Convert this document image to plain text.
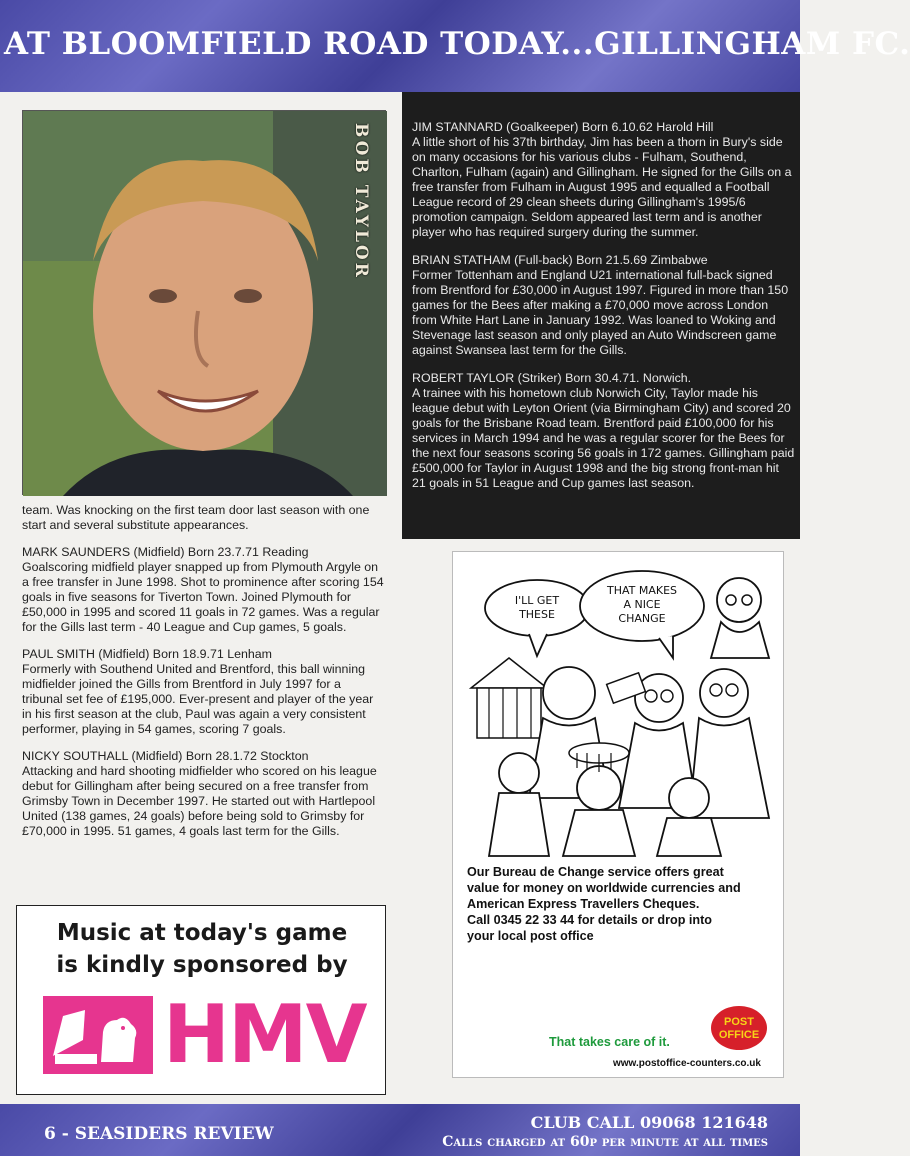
AT BLOOMFIELD ROAD TODAY...GILLINGHAM FC.
BOB TAYLOR

team. Was knocking on the first team door last season with one start and several substitute appearances.

MARK SAUNDERS (Midfield) Born 23.7.71 Reading
Goalscoring midfield player snapped up from Plymouth Argyle on a free transfer in June 1998. Shot to prominence after scoring 154 goals in five seasons for Tiverton Town. Joined Plymouth for £50,000 in 1995 and scored 11 goals in 72 games. Was a regular for the Gills last term - 40 League and Cup games, 5 goals.

PAUL SMITH (Midfield) Born 18.9.71 Lenham
Formerly with Southend United and Brentford, this ball winning midfielder joined the Gills from Brentford in July 1997 for a tribunal set fee of £195,000. Ever-present and player of the year in his first season at the club, Paul was again a very consistent performer, playing in 54 games, scoring 7 goals.

NICKY SOUTHALL (Midfield) Born 28.1.72 Stockton
Attacking and hard shooting midfielder who scored on his league debut for Gillingham after being secured on a free transfer from Grimsby Town in December 1997. He started out with Hartlepool United (138 games, 24 goals) before being sold to Grimsby for £70,000 in 1995. 51 games, 4 goals last term for the Gills.

JIM STANNARD (Goalkeeper) Born 6.10.62 Harold Hill
A little short of his 37th birthday, Jim has been a thorn in Bury's side on many occasions for his various clubs - Fulham, Southend, Charlton, Fulham (again) and Gillingham. He signed for the Gills on a free transfer from Fulham in August 1995 and equalled a Football League record of 29 clean sheets during Gillingham's 1995/6 promotion campaign. Seldom appeared last term and is another player who has required surgery during the summer.

BRIAN STATHAM (Full-back) Born 21.5.69 Zimbabwe
Former Tottenham and England U21 international full-back signed from Brentford for £30,000 in August 1997. Figured in more than 150 games for the Bees after making a £70,000 move across London from White Hart Lane in January 1992. Was loaned to Woking and Stevenage last season and only played an Auto Windscreen game against Swansea last term for the Gills.

ROBERT TAYLOR (Striker) Born 30.4.71. Norwich.
A trainee with his hometown club Norwich City, Taylor made his league debut with Leyton Orient (via Birmingham City) and scored 20 goals for the Brisbane Road team. Brentford paid £100,000 for his services in March 1994 and he was a regular scorer for the Bees for the next four seasons scoring 56 goals in 172 games. Gillingham paid £500,000 for Taylor in August 1998 and the big strong front-man hit 21 goals in 51 League and Cup games last season.

I'LL GET
THESE
THAT MAKES
A NICE
CHANGE
Our Bureau de Change service offers great
value for money on worldwide currencies and
American Express Travellers Cheques.
Call 0345 22 33 44 for details or drop into
your local post office
POST
OFFICE
That takes care of it.
www.postoffice-counters.co.uk
Music at today's game
is kindly sponsored by
HMV
6 - SEASIDERS REVIEW
CLUB CALL 09068 121648
Calls charged at 60p per minute at all times
